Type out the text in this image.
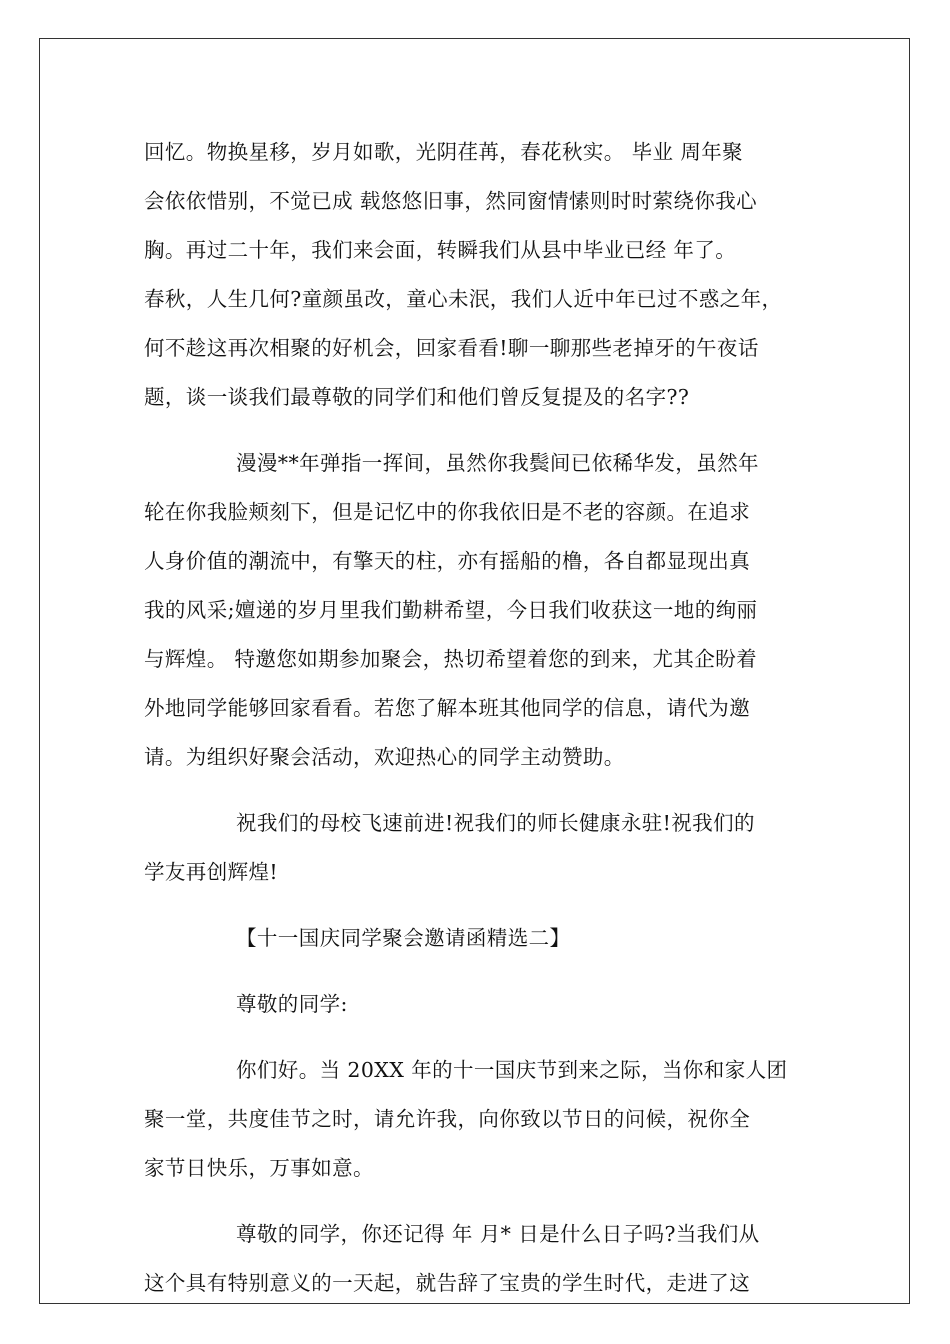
回忆。物换星移，岁月如歌，光阴荏苒，春花秋实。 毕业 周年聚
会依依惜别，不觉已成 载悠悠旧事，然同窗情愫则时时萦绕你我心
胸。再过二十年，我们来会面，转瞬我们从县中毕业已经 年了。
春秋，人生几何?童颜虽改，童心未泯，我们人近中年已过不惑之年，
何不趁这再次相聚的好机会，回家看看!聊一聊那些老掉牙的午夜话
题，谈一谈我们最尊敬的同学们和他们曾反复提及的名字??
漫漫**年弹指一挥间，虽然你我鬓间已依稀华发，虽然年
轮在你我脸颊刻下，但是记忆中的你我依旧是不老的容颜。在追求
人身价值的潮流中，有擎天的柱，亦有摇船的橹，各自都显现出真
我的风采;嬗递的岁月里我们勤耕希望，今日我们收获这一地的绚丽
与辉煌。 特邀您如期参加聚会，热切希望着您的到来，尤其企盼着
外地同学能够回家看看。若您了解本班其他同学的信息，请代为邀
请。为组织好聚会活动，欢迎热心的同学主动赞助。
祝我们的母校飞速前进!祝我们的师长健康永驻!祝我们的
学友再创辉煌!
【十一国庆同学聚会邀请函精选二】
尊敬的同学:
你们好。当 20XX 年的十一国庆节到来之际，当你和家人团
聚一堂，共度佳节之时，请允许我，向你致以节日的问候，祝你全
家节日快乐，万事如意。
尊敬的同学，你还记得 年 月* 日是什么日子吗?当我们从
这个具有特别意义的一天起，就告辞了宝贵的学生时代，走进了这
